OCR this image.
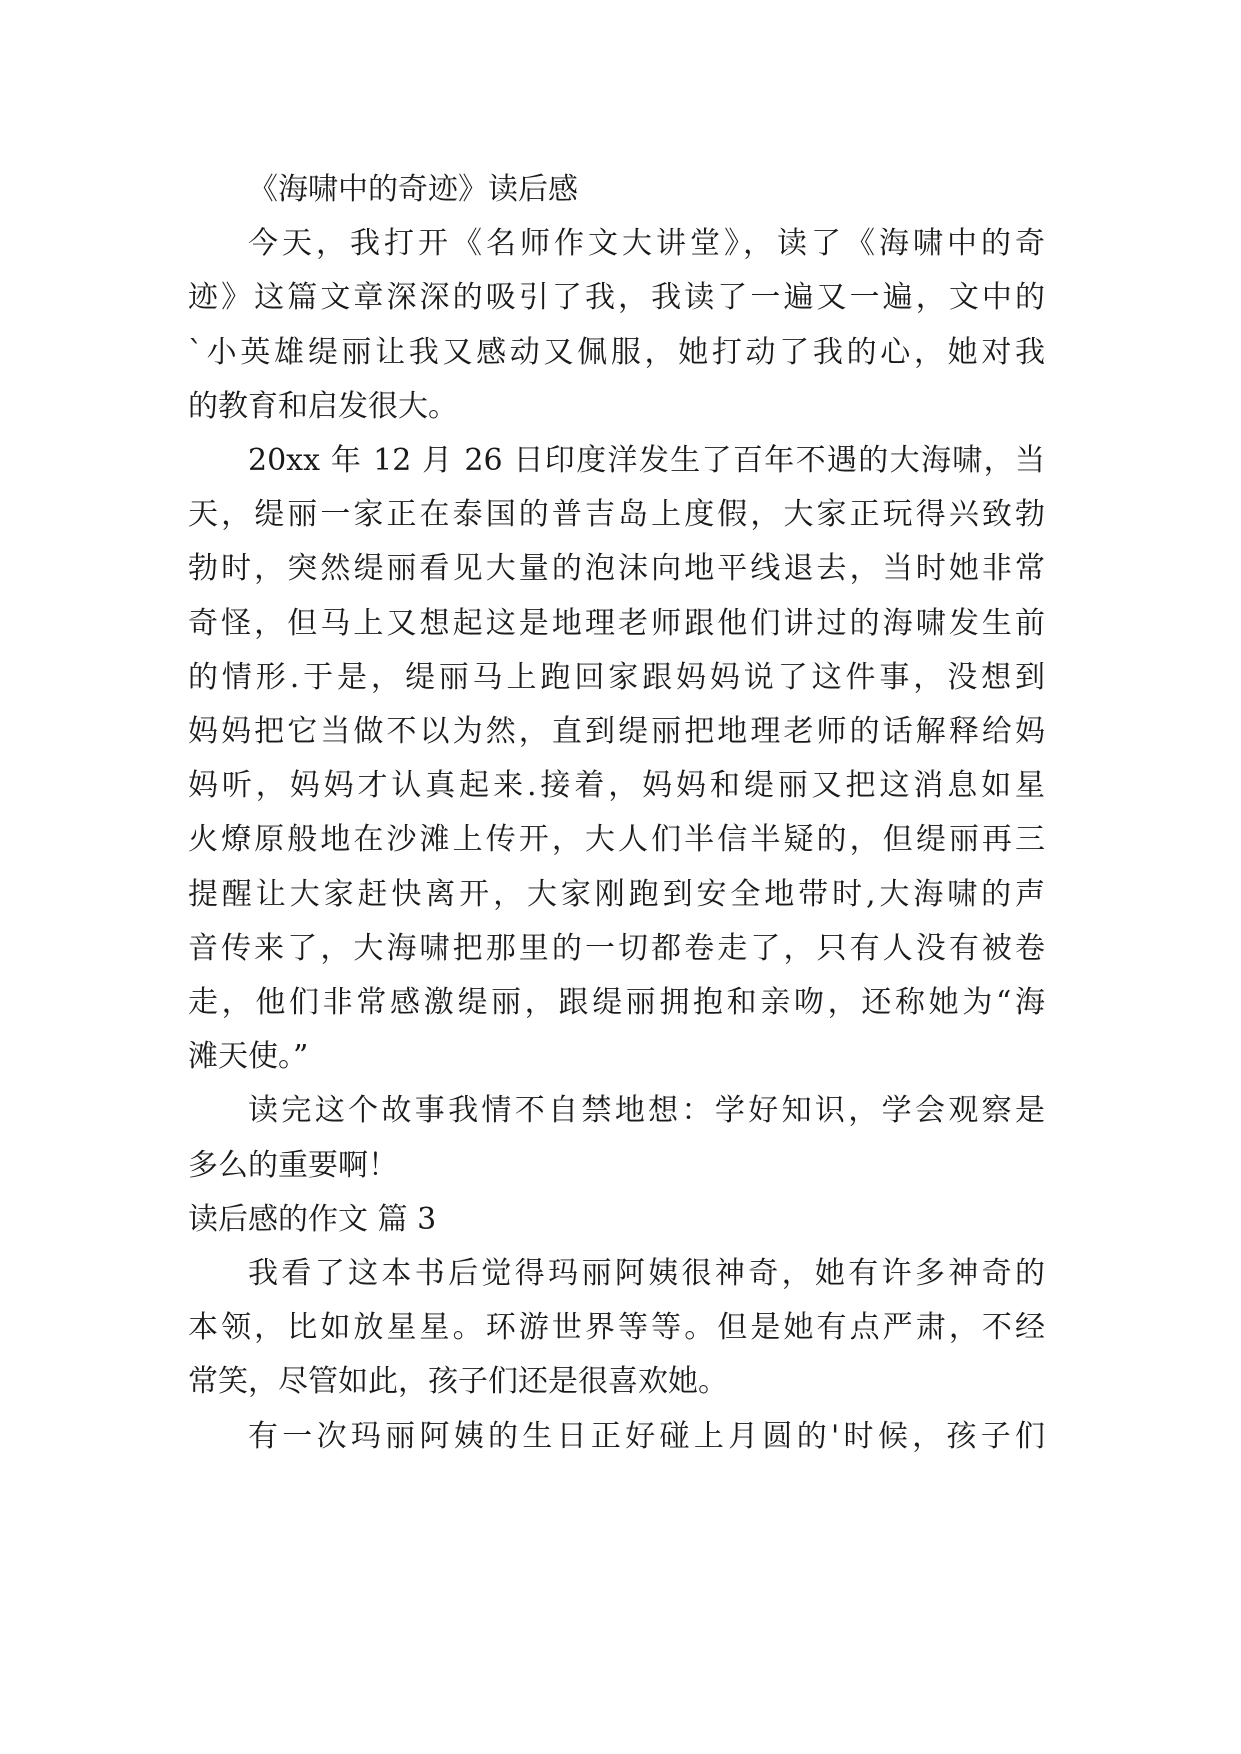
《海啸中的奇迹》读后感
今天，我打开《名师作文大讲堂》，读了《海啸中的奇
迹》这篇文章深深的吸引了我，我读了一遍又一遍，文中的
`小英雄缇丽让我又感动又佩服，她打动了我的心，她对我
的教育和启发很大。
20xx 年 12 月 26 日印度洋发生了百年不遇的大海啸，当
天，缇丽一家正在泰国的普吉岛上度假，大家正玩得兴致勃
勃时，突然缇丽看见大量的泡沫向地平线退去，当时她非常
奇怪，但马上又想起这是地理老师跟他们讲过的海啸发生前
的情形.于是，缇丽马上跑回家跟妈妈说了这件事，没想到
妈妈把它当做不以为然，直到缇丽把地理老师的话解释给妈
妈听，妈妈才认真起来.接着，妈妈和缇丽又把这消息如星
火燎原般地在沙滩上传开，大人们半信半疑的，但缇丽再三
提醒让大家赶快离开，大家刚跑到安全地带时,大海啸的声
音传来了，大海啸把那里的一切都卷走了，只有人没有被卷
走，他们非常感激缇丽，跟缇丽拥抱和亲吻，还称她为“海
滩天使。”
读完这个故事我情不自禁地想：学好知识，学会观察是
多么的重要啊！
读后感的作文 篇 3
我看了这本书后觉得玛丽阿姨很神奇，她有许多神奇的
本领，比如放星星。环游世界等等。但是她有点严肃，不经
常笑，尽管如此，孩子们还是很喜欢她。
有一次玛丽阿姨的生日正好碰上月圆的'时候，孩子们
